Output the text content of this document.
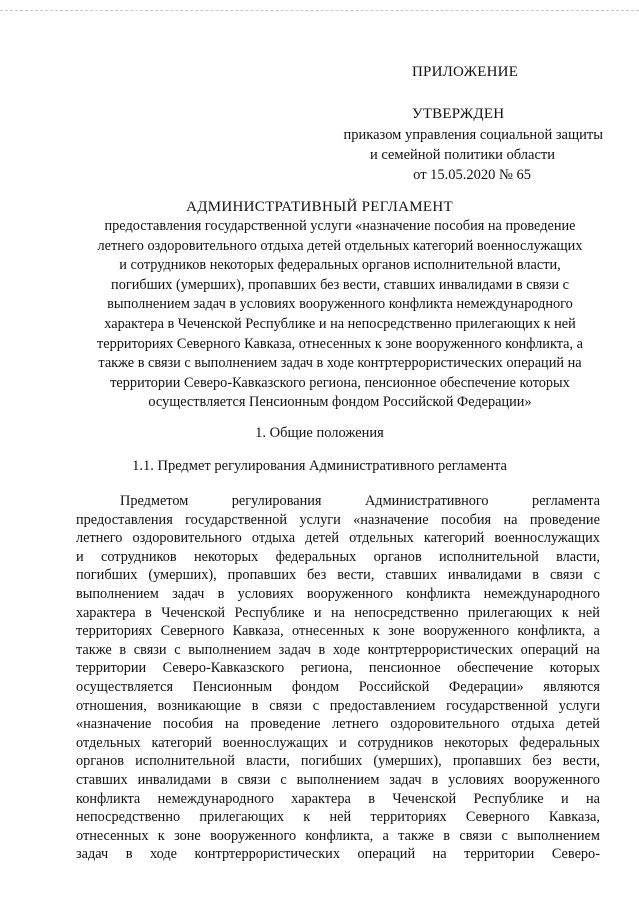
ПРИЛОЖЕНИЕ
УТВЕРЖДЕН
приказом управления социальной защиты
и семейной политики области
от 15.05.2020 № 65
АДМИНИСТРАТИВНЫЙ РЕГЛАМЕНТ
предоставления государственной услуги «назначение пособия на проведение
летнего оздоровительного отдыха детей отдельных категорий военнослужащих
и сотрудников некоторых федеральных органов исполнительной власти,
погибших (умерших), пропавших без вести, ставших инвалидами в связи с
выполнением задач в условиях вооруженного конфликта немеждународного
характера в Чеченской Республике и на непосредственно прилегающих к ней
территориях Северного Кавказа, отнесенных к зоне вооруженного конфликта, а
также в связи с выполнением задач в ходе контртеррористических операций на
территории Северо-Кавказского региона, пенсионное обеспечение которых
осуществляется Пенсионным фондом Российской Федерации»
1. Общие положения
1.1. Предмет регулирования Административного регламента
Предметом	регулирования	Административного	регламента
предоставления государственной услуги «назначение пособия на проведение
летнего оздоровительного отдыха детей отдельных категорий военнослужащих
и сотрудников некоторых федеральных органов исполнительной власти,
погибших (умерших), пропавших без вести, ставших инвалидами в связи с
выполнением задач в условиях вооруженного конфликта немеждународного
характера в Чеченской Республике и на непосредственно прилегающих к ней
территориях Северного Кавказа, отнесенных к зоне вооруженного конфликта, а
также в связи с выполнением задач в ходе контртеррористических операций на
территории Северо-Кавказского региона, пенсионное обеспечение которых
осуществляется Пенсионным фондом Российской Федерации» являются
отношения, возникающие в связи с предоставлением государственной услуги
«назначение пособия на проведение летнего оздоровительного отдыха детей
отдельных категорий военнослужащих и сотрудников некоторых федеральных
органов исполнительной власти, погибших (умерших), пропавших без вести,
ставших инвалидами в связи с выполнением задач в условиях вооруженного
конфликта немеждународного характера в Чеченской Республике и на
непосредственно прилегающих к ней территориях Северного Кавказа,
отнесенных к зоне вооруженного конфликта, а также в связи с выполнением
задач в ходе контртеррористических операций на территории Северо-
